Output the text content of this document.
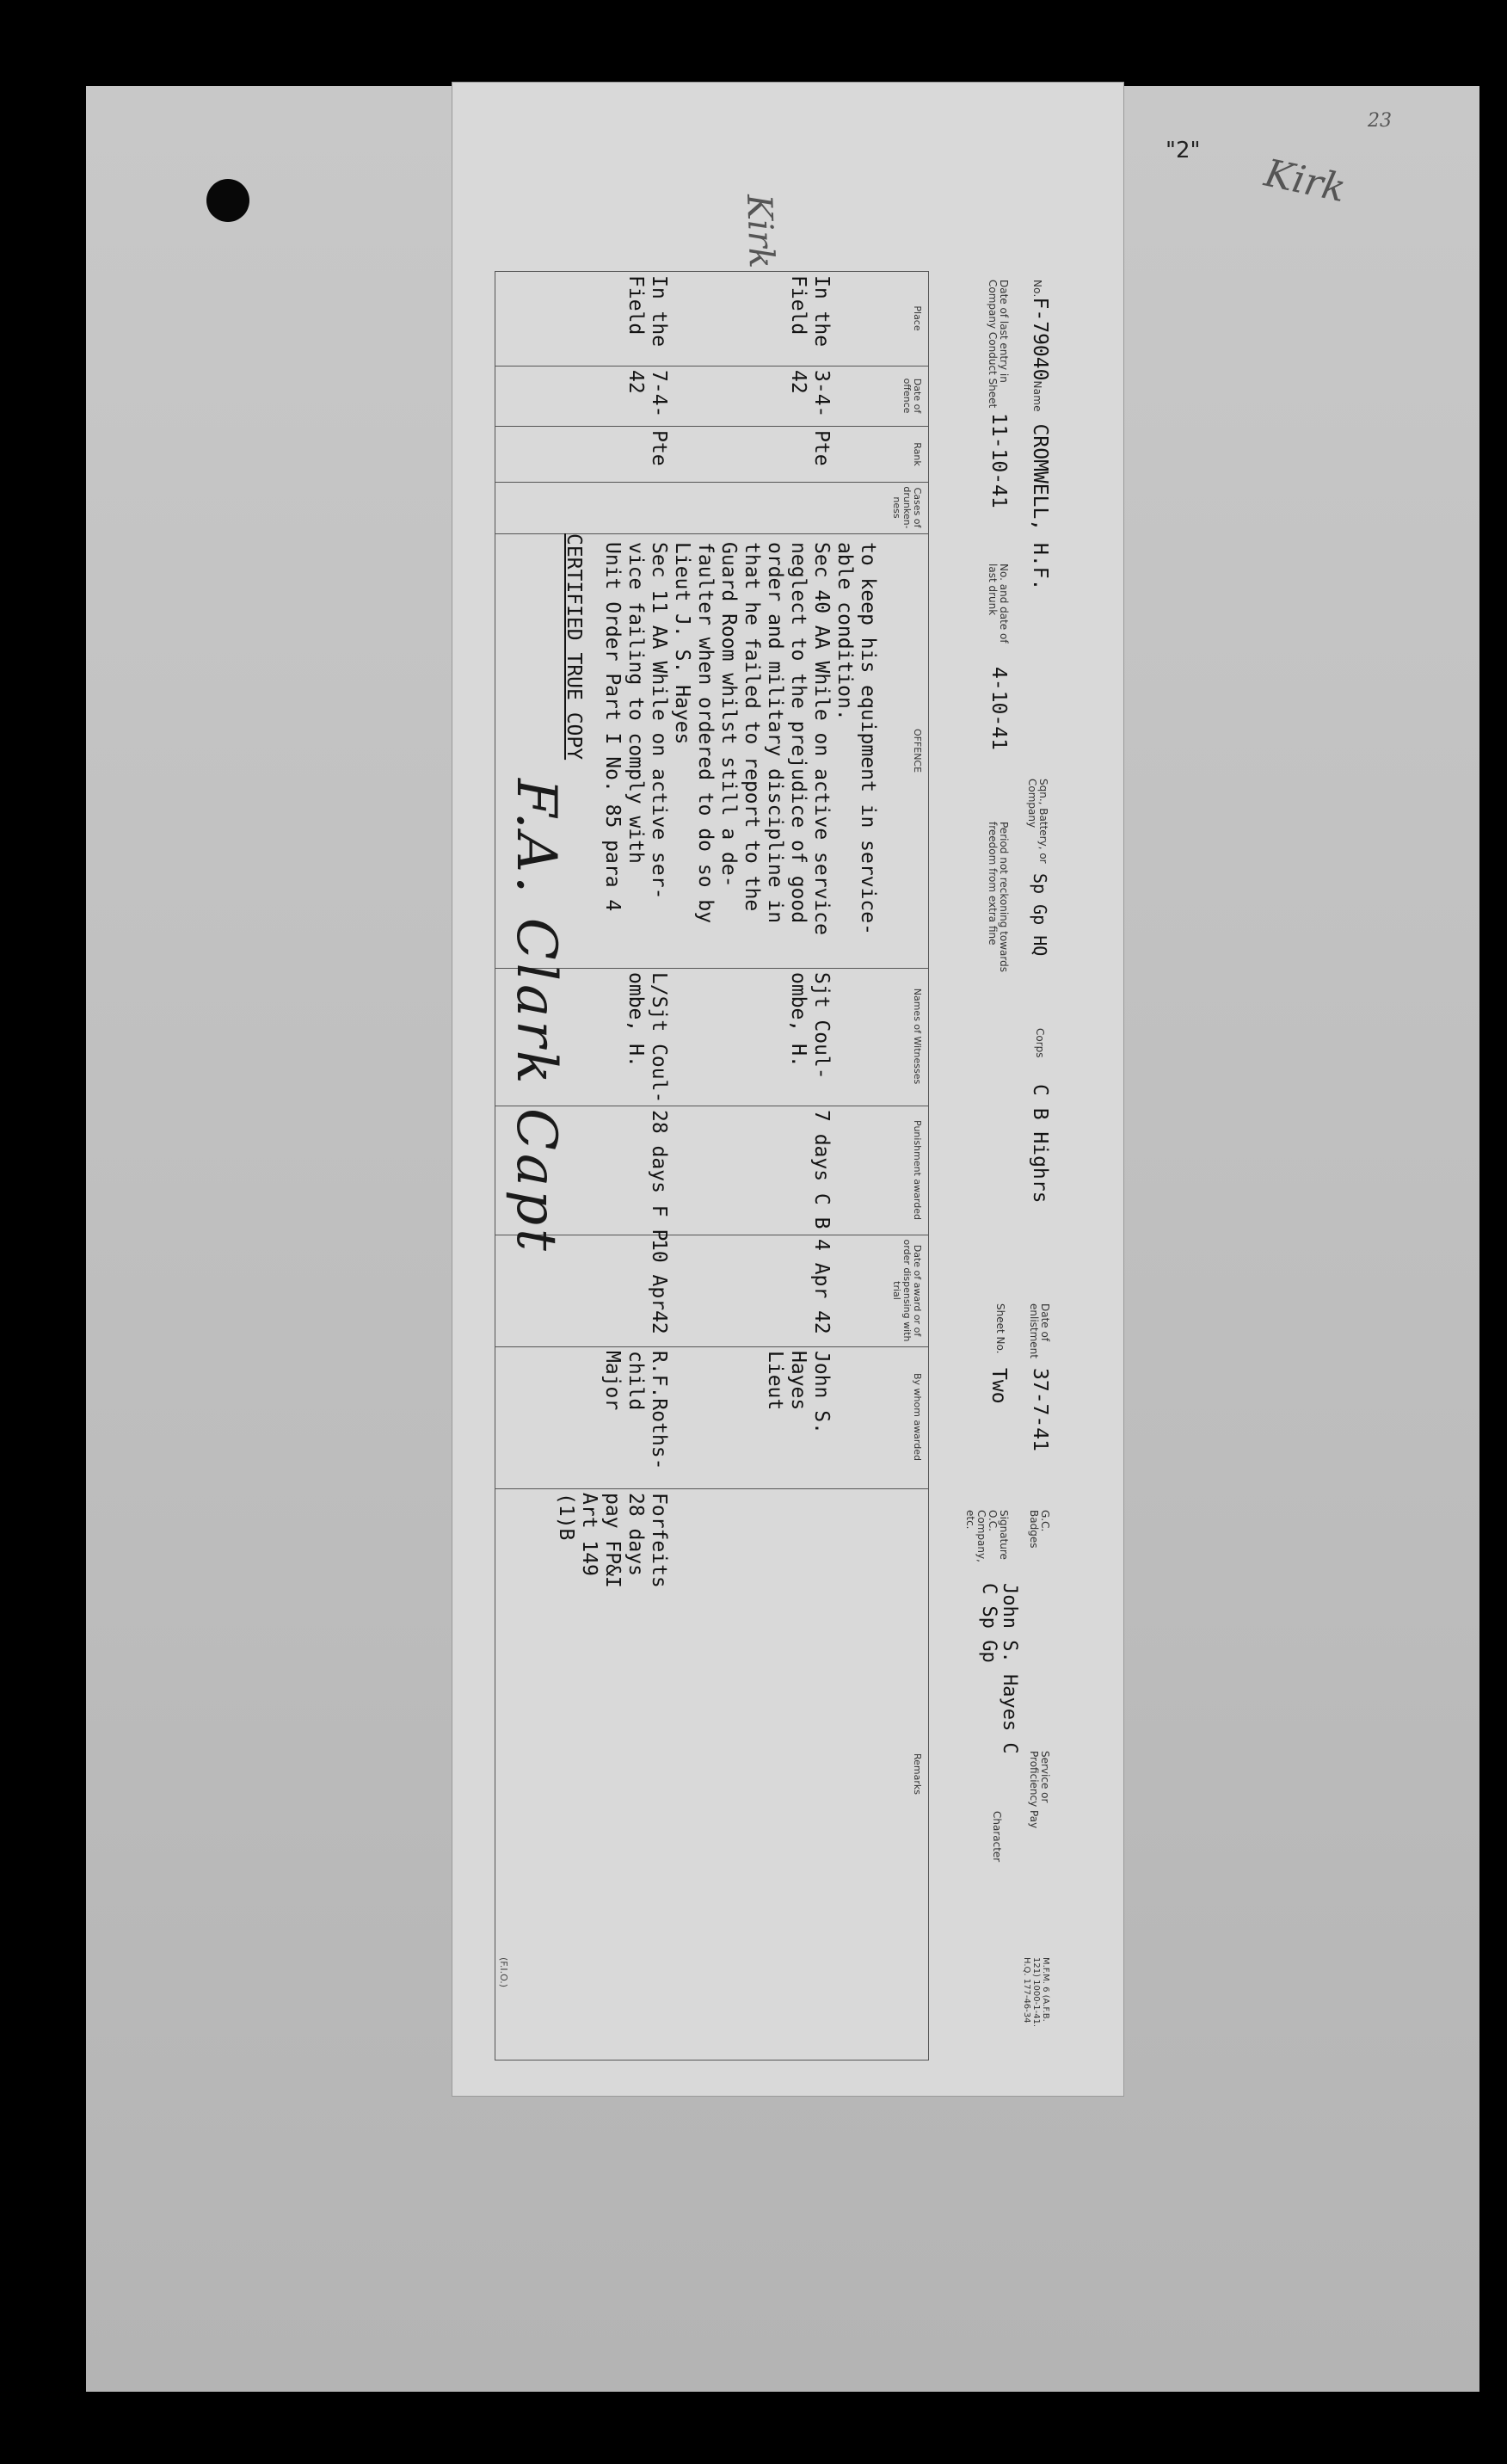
"2"
23
Kirk
No.F-79040Name CROMWELL, H.F.
Sqn., Battery, or Company
Sp Gp HQ
Corps
C B Highrs
Date of enlistment
37-7-41
G.C. Badges
Service or Proficiency Pay
M.F.M. 6 (A.F.B. 121) 1000-1-41. H.Q. 177-46-34
Date of last entry in Company Conduct Sheet
11-10-41
No. and date of last drunk
4-10-41
Period not reckoning towards freedom from extra fine
Sheet No.
Two
Signature O.C. Company, etc.
John S. Hayes C C Sp Gp
Character
Place
Date of offence
Rank
Cases of drunken-ness
OFFENCE
Names of Witnesses
Punishment awarded
Date of award or of order dispensing with trial
By whom awarded
Remarks
to keep his equipment in service-
able condition.
In the
Field
3-4-
42
Pte
Sec 40 AA While on active service
neglect to the prejudice of good
order and military discipline in
that he failed to report to the
Guard Room whilst still a de-
faulter when ordered to do so by
Lieut J. S. Hayes
Sjt Coul-
ombe, H.
7 days C B
4 Apr 42
John S.
Hayes
Lieut
In the
Field
7-4-
42
Pte
Sec 11 AA While on active ser-
vice failing to comply with
Unit Order Part I No. 85 para 4
L/Sjt Coul-
ombe, H.
28 days F P
10 Apr42
R.F.Roths-
child
Major
Forfeits
28 days
pay FP&I
Art 149
(1)B
CERTIFIED TRUE COPY
F.A. Clark Capt
(F.I.O.)
Kirk
